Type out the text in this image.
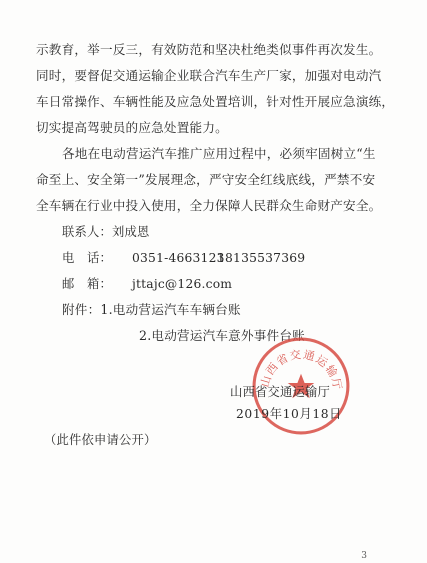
示教育，举一反三，有效防范和坚决杜绝类似事件再次发生。
同时，要督促交通运输企业联合汽车生产厂家，加强对电动汽
车日常操作、车辆性能及应急处置培训，针对性开展应急演练，
切实提高驾驶员的应急处置能力。
各地在电动营运汽车推广应用过程中，必须牢固树立“生
命至上、安全第一”发展理念，严守安全红线底线，严禁不安
全车辆在行业中投入使用，全力保障人民群众生命财产安全。
联系人：刘成恩
电　话： 0351-4663123
18135537369
邮　箱： jttajc@126.com
附件：1.电动营运汽车车辆台账
2.电动营运汽车意外事件台账
山西省交通运输厅
山西省交通运输厅
2019年10月18日
（此件依申请公开）
3
